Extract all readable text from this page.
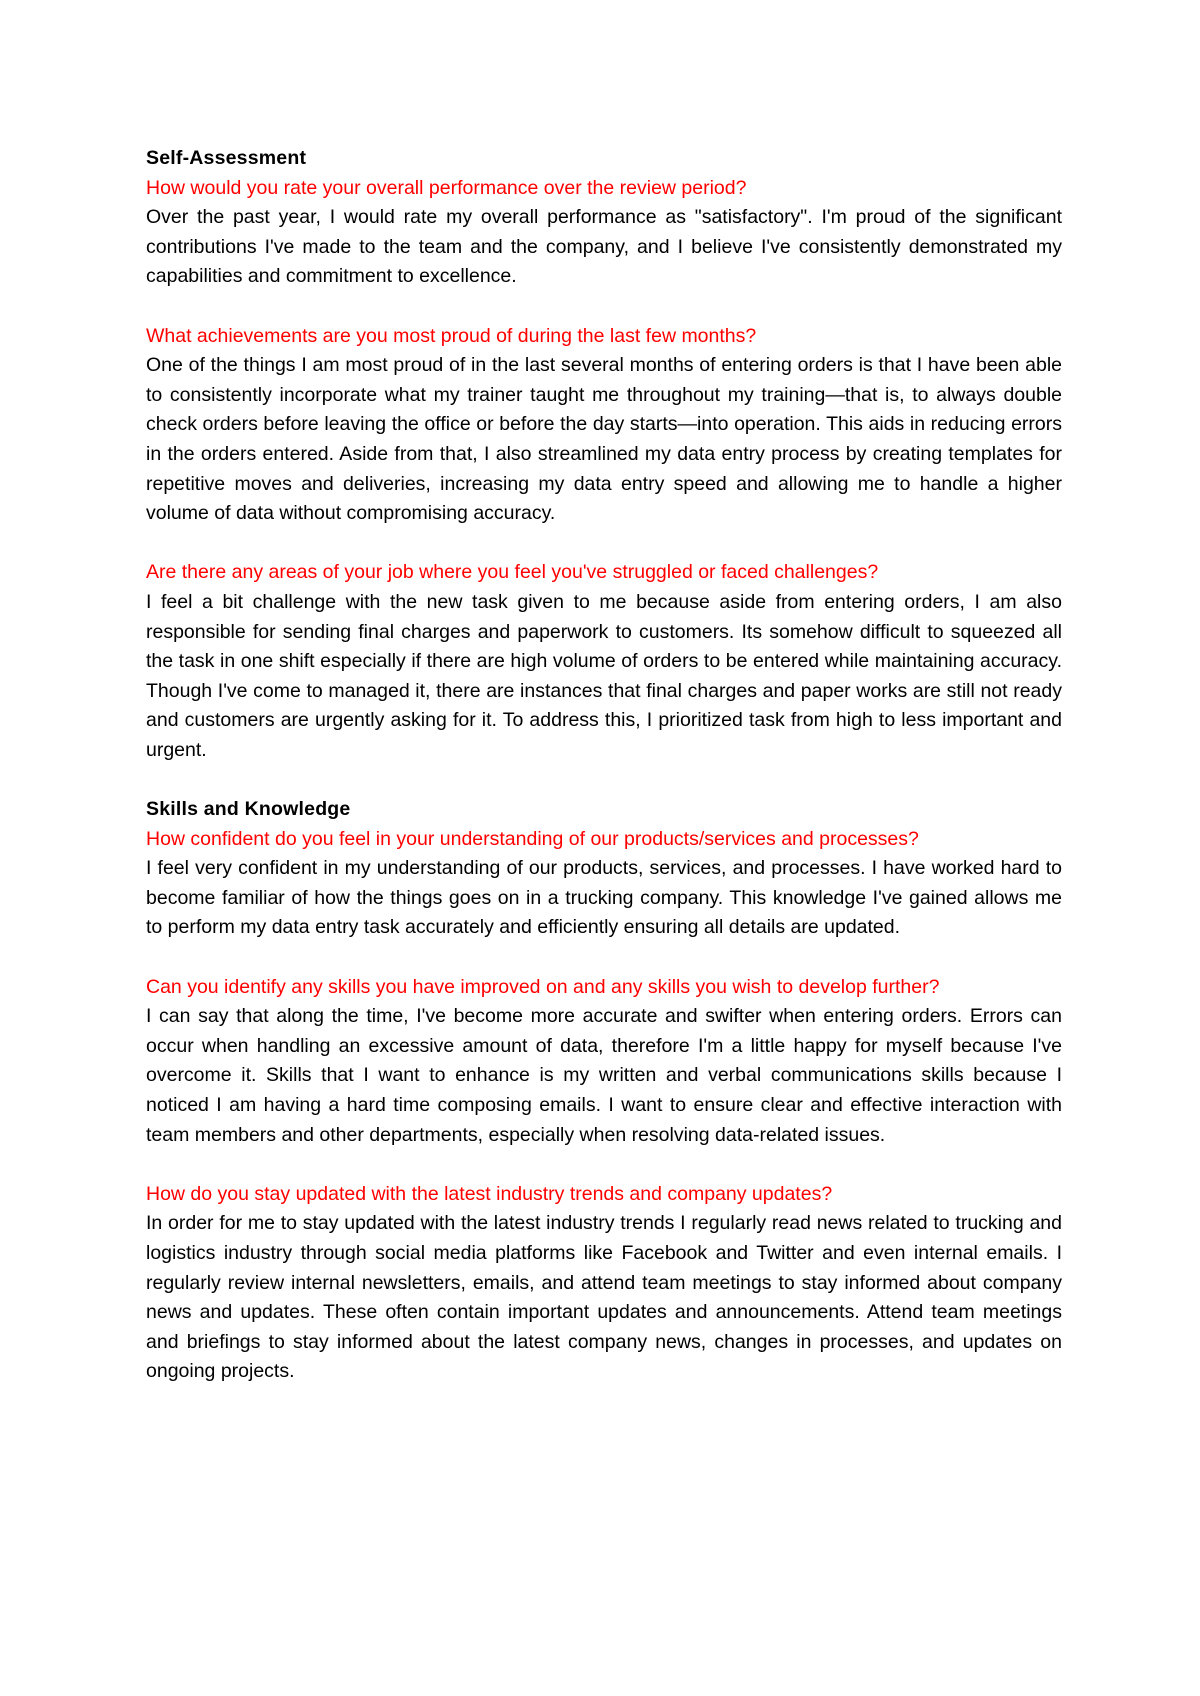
Self-Assessment

How would you rate your overall performance over the review period?

Over the past year, I would rate my overall performance as "satisfactory". I'm proud of the significant contributions I've made to the team and the company, and I believe I've consistently demonstrated my capabilities and commitment to excellence.

What achievements are you most proud of during the last few months?

One of the things I am most proud of in the last several months of entering orders is that I have been able to consistently incorporate what my trainer taught me throughout my training—that is, to always double check orders before leaving the office or before the day starts—into operation. This aids in reducing errors in the orders entered. Aside from that, I also streamlined my data entry process by creating templates for repetitive moves and deliveries, increasing my data entry speed and allowing me to handle a higher volume of data without compromising accuracy.

Are there any areas of your job where you feel you've struggled or faced challenges?

I feel a bit challenge with the new task given to me because aside from entering orders, I am also responsible for sending final charges and paperwork to customers. Its somehow difficult to squeezed all the task in one shift especially if there are high volume of orders to be entered while maintaining accuracy. Though I've come to managed it, there are instances that final charges and paper works are still not ready and customers are urgently asking for it. To address this, I prioritized task from high to less important and urgent.

Skills and Knowledge

How confident do you feel in your understanding of our products/services and processes?

I feel very confident in my understanding of our products, services, and processes. I have worked hard to become familiar of how the things goes on in a trucking company. This knowledge I've gained allows me to perform my data entry task accurately and efficiently ensuring all details are updated.

Can you identify any skills you have improved on and any skills you wish to develop further?

I can say that along the time, I've become more accurate and swifter when entering orders. Errors can occur when handling an excessive amount of data, therefore I'm a little happy for myself because I've overcome it. Skills that I want to enhance is my written and verbal communications skills because I noticed I am having a hard time composing emails. I want to ensure clear and effective interaction with team members and other departments, especially when resolving data-related issues.

How do you stay updated with the latest industry trends and company updates?

In order for me to stay updated with the latest industry trends I regularly read news related to trucking and logistics industry through social media platforms like Facebook and Twitter and even internal emails. I regularly review internal newsletters, emails, and attend team meetings to stay informed about company news and updates. These often contain important updates and announcements. Attend team meetings and briefings to stay informed about the latest company news, changes in processes, and updates on ongoing projects.
